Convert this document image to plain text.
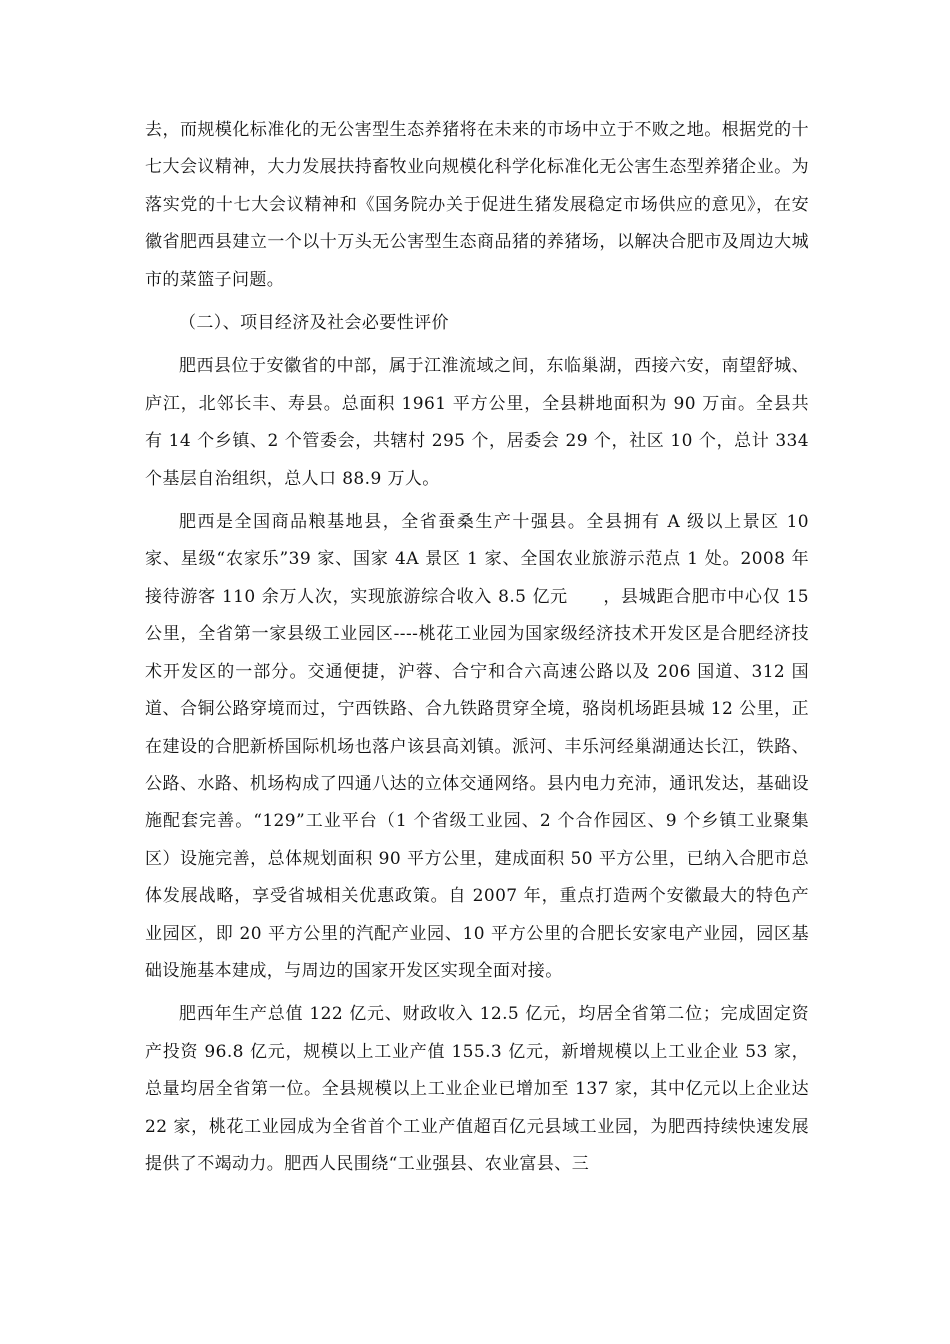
去，而规模化标准化的无公害型生态养猪将在未来的市场中立于不败之地。根据党的十七大会议精神，大力发展扶持畜牧业向规模化科学化标准化无公害生态型养猪企业。为落实党的十七大会议精神和《国务院办关于促进生猪发展稳定市场供应的意见》，在安徽省肥西县建立一个以十万头无公害型生态商品猪的养猪场，以解决合肥市及周边大城市的菜篮子问题。

（二）、项目经济及社会必要性评价

肥西县位于安徽省的中部，属于江淮流域之间，东临巢湖，西接六安，南望舒城、庐江，北邻长丰、寿县。总面积 1961 平方公里，全县耕地面积为 90 万亩。全县共有 14 个乡镇、2 个管委会，共辖村 295 个，居委会 29 个，社区 10 个，总计 334 个基层自治组织，总人口 88.9 万人。

肥西是全国商品粮基地县，全省蚕桑生产十强县。全县拥有 A 级以上景区 10 家、星级“农家乐”39 家、国家 4A 景区 1 家、全国农业旅游示范点 1 处。2008 年接待游客 110 余万人次，实现旅游综合收入 8.5 亿元　　，县城距合肥市中心仅 15 公里，全省第一家县级工业园区----桃花工业园为国家级经济技术开发区是合肥经济技术开发区的一部分。交通便捷，沪蓉、合宁和合六高速公路以及 206 国道、312 国道、合铜公路穿境而过，宁西铁路、合九铁路贯穿全境，骆岗机场距县城 12 公里，正在建设的合肥新桥国际机场也落户该县高刘镇。派河、丰乐河经巢湖通达长江，铁路、公路、水路、机场构成了四通八达的立体交通网络。县内电力充沛，通讯发达，基础设施配套完善。“129”工业平台（1 个省级工业园、2 个合作园区、9 个乡镇工业聚集区）设施完善，总体规划面积 90 平方公里，建成面积 50 平方公里，已纳入合肥市总体发展战略，享受省城相关优惠政策。自 2007 年，重点打造两个安徽最大的特色产业园区，即 20 平方公里的汽配产业园、10 平方公里的合肥长安家电产业园，园区基础设施基本建成，与周边的国家开发区实现全面对接。

肥西年生产总值 122 亿元、财政收入 12.5 亿元，均居全省第二位；完成固定资产投资 96.8 亿元，规模以上工业产值 155.3 亿元，新增规模以上工业企业 53 家，总量均居全省第一位。全县规模以上工业企业已增加至 137 家，其中亿元以上企业达 22 家，桃花工业园成为全省首个工业产值超百亿元县域工业园，为肥西持续快速发展提供了不竭动力。肥西人民围绕“工业强县、农业富县、三
